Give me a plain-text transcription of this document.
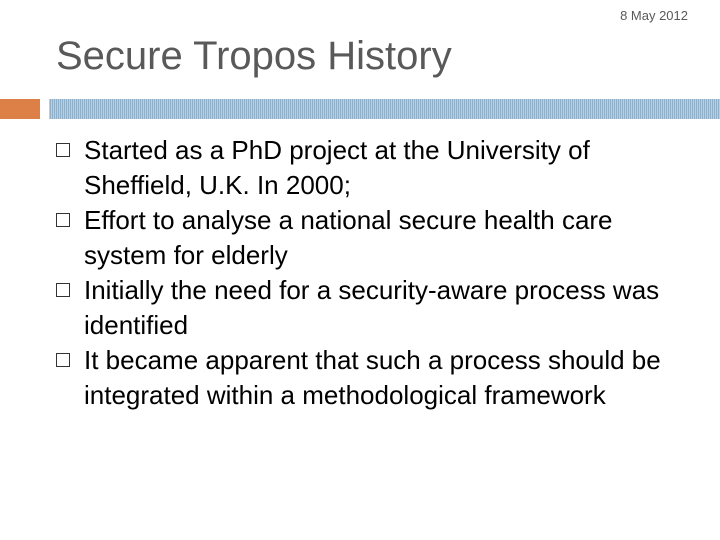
8 May 2012
Secure Tropos History
Started as a PhD project at the University of Sheffield, U.K. In 2000;
Effort to analyse a national secure health care system for elderly
Initially the need for a security-aware process was identified
It became apparent that such a process should be integrated within a methodological framework
